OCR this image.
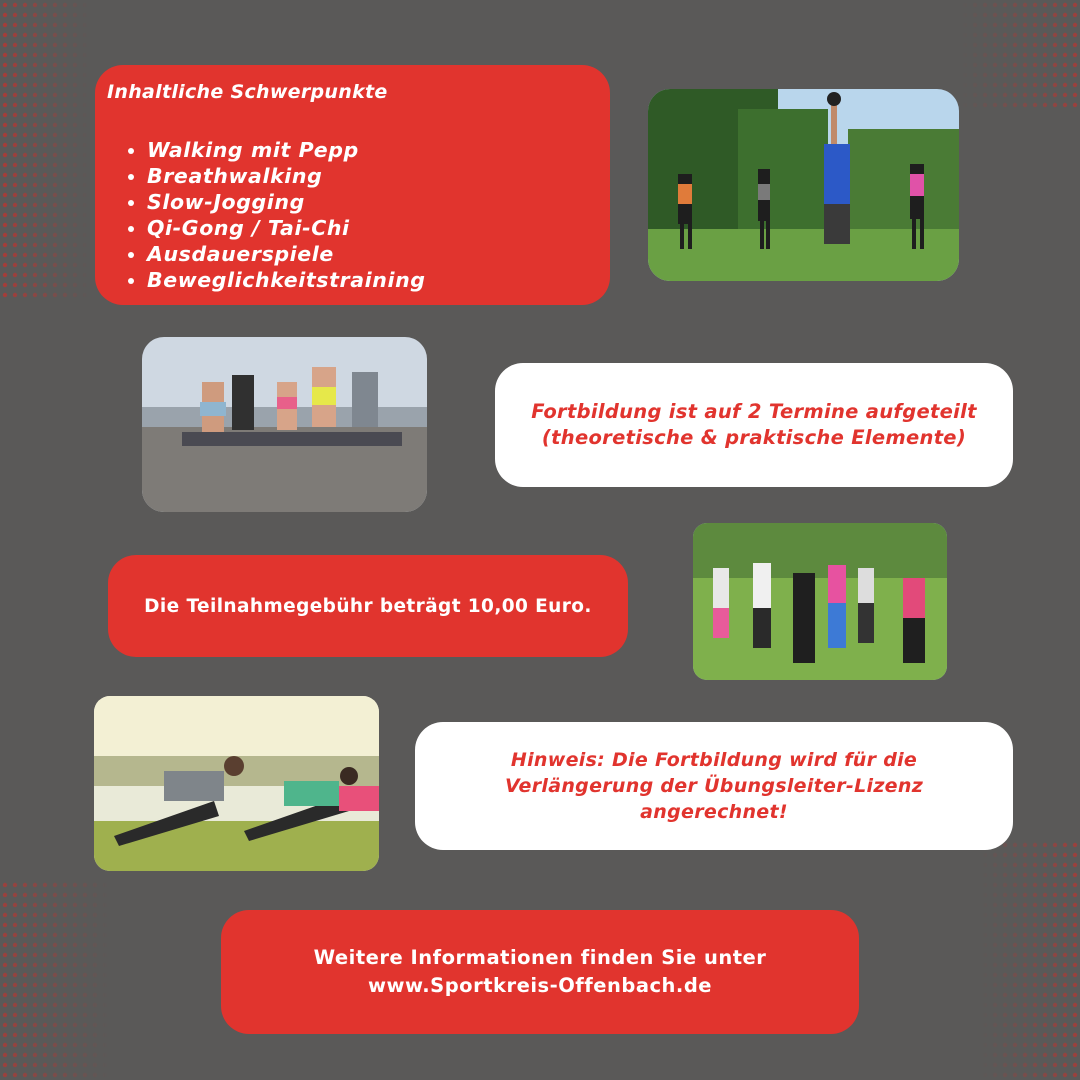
Inhaltliche Schwerpunkte

• Walking mit Pepp
• Breathwalking
• Slow-Jogging
• Qi-Gong / Tai-Chi
• Ausdauerspiele
• Beweglichkeitstraining
Fortbildung ist auf 2 Termine aufgeteilt
(theoretische & praktische Elemente)
Die Teilnahmegebühr beträgt 10,00 Euro.
Hinweis: Die Fortbildung wird für die
Verlängerung der Übungsleiter-Lizenz
angerechnet!
Weitere Informationen finden Sie unter
www.Sportkreis-Offenbach.de
